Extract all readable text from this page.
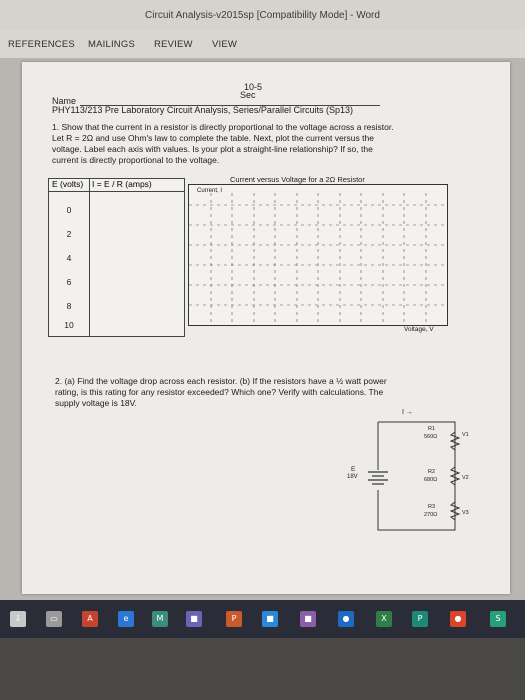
Circuit Analysis-v2015sp [Compatibility Mode] - Word
REFERENCES MAILINGS REVIEW VIEW
10-5
Sec
Name
PHY113/213 Pre Laboratory Circuit Analysis, Series/Parallel Circuits (Sp13)
1. Show that the current in a resistor is directly proportional to the voltage across a resistor.
Let R = 2Ω and use Ohm's law to complete the table. Next, plot the current versus the
voltage. Label each axis with values. Is your plot a straight-line relationship? If so, the
current is directly proportional to the voltage.
E (volts) I = E / R (amps)
0
2
4
6
8
10
Current versus Voltage for a 2Ω Resistor
Current, I
Voltage, V
2. (a) Find the voltage drop across each resistor. (b) If the resistors have a ½ watt power
rating, is this rating for any resistor exceeded? Which one? Verify with calculations. The
supply voltage is 18V.
I →
E
18V
R1
560Ω	V1
R2
680Ω	V2
R3
270Ω	V3
⇩	▭	A	e	M	■	P	■	■	●	X	P	●	S
